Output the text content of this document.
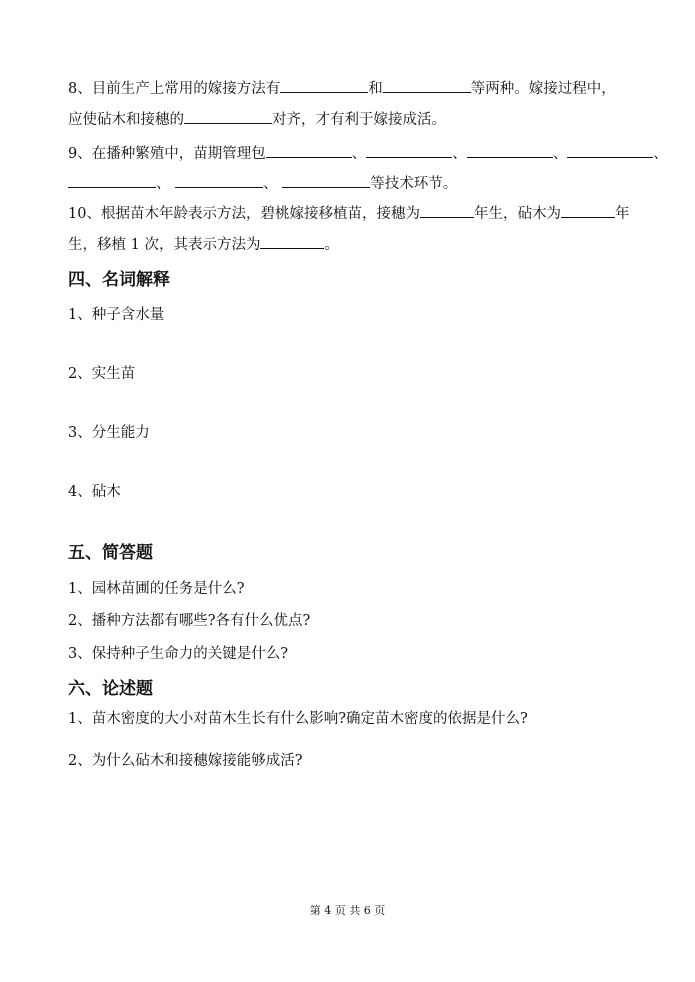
8、目前生产上常用的嫁接方法有	和	等两种。嫁接过程中，
应使砧木和接穗的	对齐，才有利于嫁接成活。
9、在播种繁殖中，苗期管理包	、	、	、	、
、	、	等技术环节。
10、根据苗木年龄表示方法，碧桃嫁接移植苗，接穗为	年生，砧木为	年
生，移植 1 次，其表示方法为	。
四、名词解释
1、种子含水量
2、实生苗
3、分生能力
4、砧木
五、简答题
1、园林苗圃的任务是什么?
2、播种方法都有哪些?各有什么优点?
3、保持种子生命力的关键是什么?
六、论述题
1、苗木密度的大小对苗木生长有什么影响?确定苗木密度的依据是什么?
2、为什么砧木和接穗嫁接能够成活?
第 4 页 共 6 页
